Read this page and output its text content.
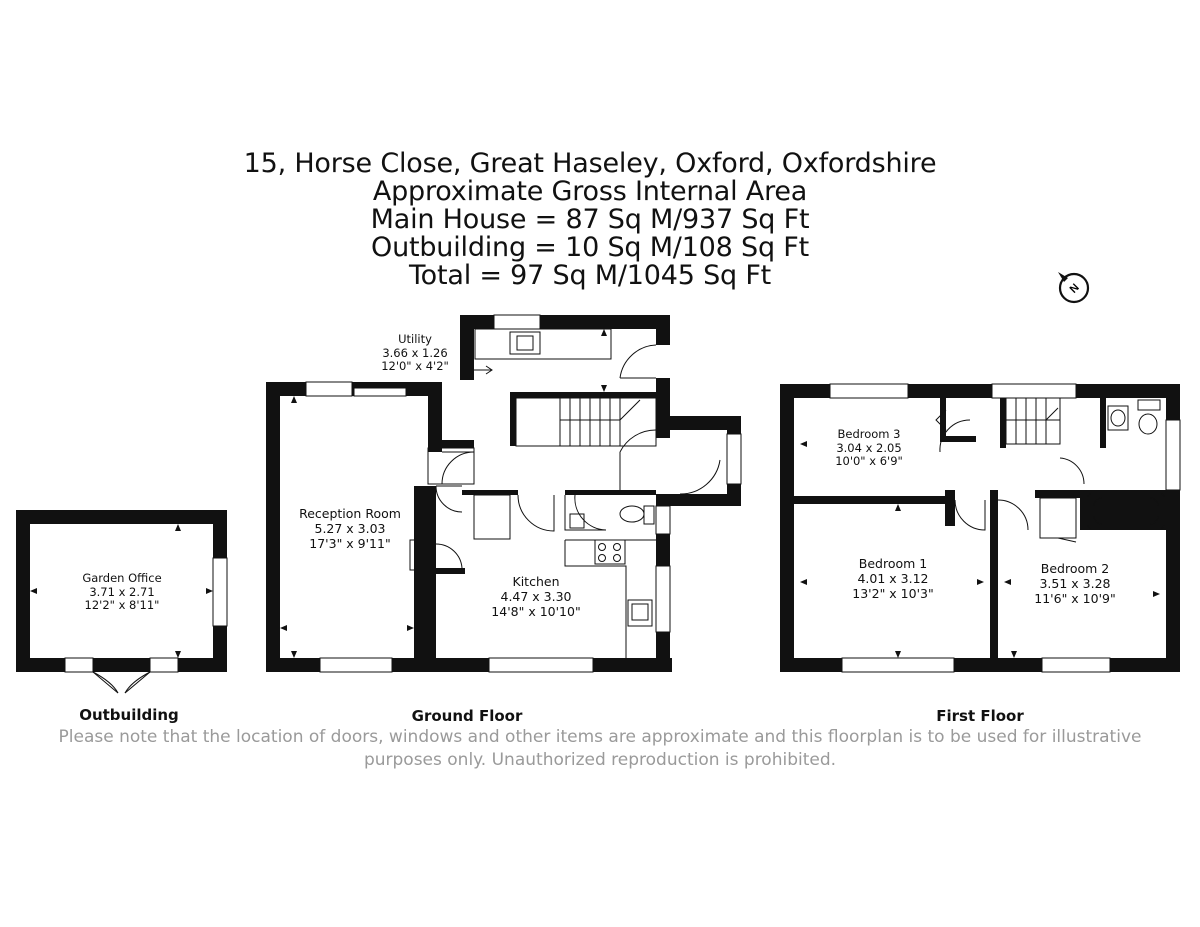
15, Horse Close, Great Haseley, Oxford, Oxfordshire
Approximate Gross Internal Area
Main House = 87 Sq M/937 Sq Ft
Outbuilding = 10 Sq M/108 Sq Ft
Total = 97 Sq M/1045 Sq Ft	N
Utility
3.66 x 1.26
12'0" x 4'2"
Reception Room
5.27 x 3.03
17'3" x 9'11"
Kitchen
4.47 x 3.30
14'8" x 10'10"
Garden Office
3.71 x 2.71
12'2" x 8'11"
Bedroom 3
3.04 x 2.05
10'0" x 6'9"
Bedroom 1
4.01 x 3.12
13'2" x 10'3"
Bedroom 2
3.51 x 3.28
11'6" x 10'9"
Outbuilding	Ground Floor	First Floor
Please note that the location of doors, windows and other items are approximate and this floorplan is to be used for illustrative purposes only. Unauthorized reproduction is prohibited.
